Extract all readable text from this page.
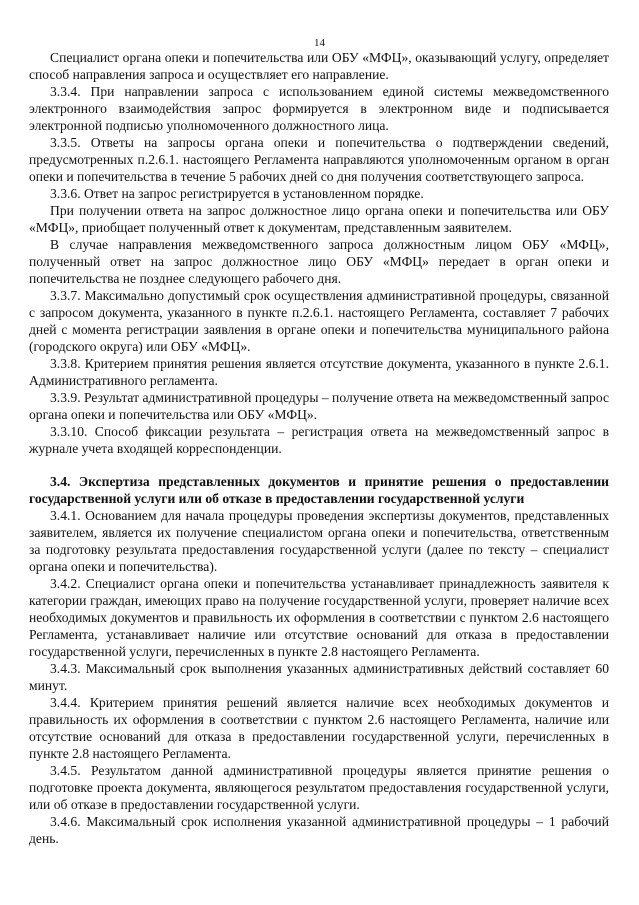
14

Специалист органа опеки и попечительства или ОБУ «МФЦ», оказывающий услугу, определяет способ направления запроса и осуществляет его направление.

3.3.4. При направлении запроса с использованием единой системы межведомственного электронного взаимодействия запрос формируется в электронном виде и подписывается электронной подписью уполномоченного должностного лица.

3.3.5. Ответы на запросы органа опеки и попечительства о подтверждении сведений, предусмотренных п.2.6.1. настоящего Регламента направляются уполномоченным органом в орган опеки и попечительства в течение 5 рабочих дней со дня получения соответствующего запроса.

3.3.6. Ответ на запрос регистрируется в установленном порядке.

При получении ответа на запрос должностное лицо органа опеки и попечительства или ОБУ «МФЦ», приобщает полученный ответ к документам, представленным заявителем.

В случае направления межведомственного запроса должностным лицом ОБУ «МФЦ», полученный ответ на запрос должностное лицо ОБУ «МФЦ» передает в орган опеки и попечительства не позднее следующего рабочего дня.

3.3.7. Максимально допустимый срок осуществления административной процедуры, связанной с запросом документа, указанного в пункте п.2.6.1. настоящего Регламента, составляет 7 рабочих дней с момента регистрации заявления в органе опеки и попечительства муниципального района (городского округа) или ОБУ «МФЦ».

3.3.8. Критерием принятия решения является отсутствие документа, указанного в пункте 2.6.1. Административного регламента.

3.3.9. Результат административной процедуры – получение ответа на межведомственный запрос органа опеки и попечительства или ОБУ «МФЦ».

3.3.10. Способ фиксации результата – регистрация ответа на межведомственный запрос в журнале учета входящей корреспонденции.

3.4. Экспертиза представленных документов и принятие решения о предоставлении государственной услуги или об отказе в предоставлении государственной услуги

3.4.1. Основанием для начала процедуры проведения экспертизы документов, представленных заявителем, является их получение специалистом органа опеки и попечительства, ответственным за подготовку результата предоставления государственной услуги (далее по тексту – специалист органа опеки и попечительства).

3.4.2. Специалист органа опеки и попечительства устанавливает принадлежность заявителя к категории граждан, имеющих право на получение государственной услуги, проверяет наличие всех необходимых документов и правильность их оформления в соответствии с пунктом 2.6 настоящего Регламента, устанавливает наличие или отсутствие оснований для отказа в предоставлении государственной услуги, перечисленных в пункте 2.8 настоящего Регламента.

3.4.3. Максимальный срок выполнения указанных административных действий составляет 60 минут.

3.4.4. Критерием принятия решений является наличие всех необходимых документов и правильность их оформления в соответствии с пунктом 2.6 настоящего Регламента, наличие или отсутствие оснований для отказа в предоставлении государственной услуги, перечисленных в пункте 2.8 настоящего Регламента.

3.4.5. Результатом данной административной процедуры является принятие решения о подготовке проекта документа, являющегося результатом предоставления государственной услуги, или об отказе в предоставлении государственной услуги.

3.4.6. Максимальный срок исполнения указанной административной процедуры – 1 рабочий день.
